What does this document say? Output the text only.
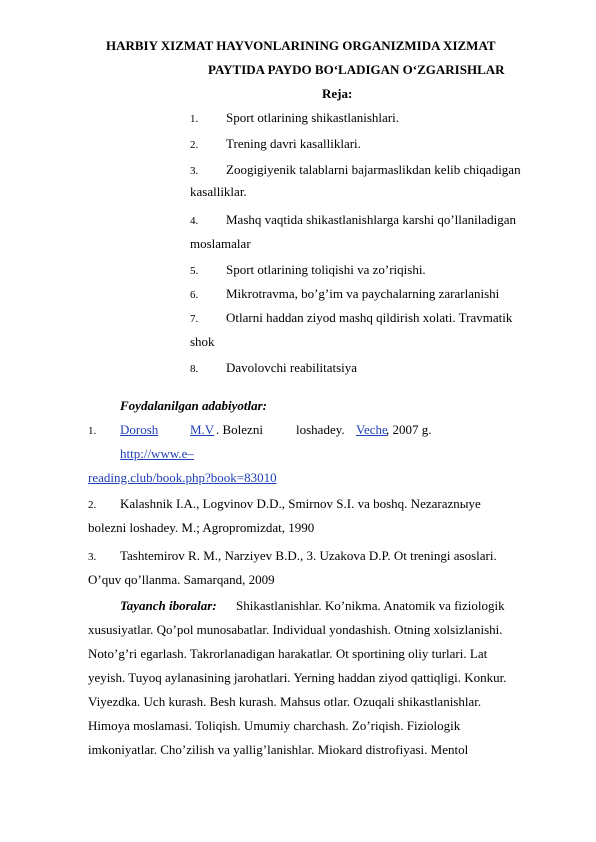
HARBIY XIZMAT HAYVONLARINING ORGANIZMIDA XIZMAT
PAYTIDA PAYDO BO‘LADIGAN O‘ZGARISHLAR
Reja:
1. Sport otlarining shikastlanishlari.
2. Trening davri kasalliklari.
3. Zoogigiyenik talablarni bajarmaslikdan kelib chiqadigan
kasalliklar.
4. Mashq vaqtida shikastlanishlarga karshi qo’llaniladigan
moslamalar
5. Sport otlarining toliqishi va zo’riqishi.
6. Mikrotravma, bo’g’im va paychalarning zararlanishi
7. Otlarni haddan ziyod mashq qildirish xolati. Travmatik
shok
8. Davolovchi reabilitatsiya
Foydalanilgan adabiyotlar:
1. Dorosh M.V . Bolezni	loshadey. Veche
, 2007 g.
http://www.e–
reading.club/book.php?book=83010
2. Kalashnik I.A., Logvinov D.D., Smirnov S.I. va boshq. Nezaraznыye
bolezni loshadey. M.; Agropromizdat, 1990
3. Tashtemirov R. M., Narziyev B.D., 3. Uzakova D.P. Ot treningi asoslari.
O’quv qo’llanma. Samarqand, 2009
Tayanch iboralar: Shikastlanishlar. Ko’nikma. Anatomik va fiziologik
xususiyatlar. Qo’pol munosabatlar. Individual yondashish. Otning xolsizlanishi.
Noto’g’ri egarlash. Takrorlanadigan harakatlar. Ot sportining oliy turlari. Lat
yeyish. Tuyoq aylanasining jarohatlari. Yerning haddan ziyod qattiqligi. Konkur.
Viyezdka. Uch kurash. Besh kurash. Mahsus otlar. Ozuqali shikastlanishlar.
Himoya moslamasi. Toliqish. Umumiy charchash. Zo’riqish. Fiziologik
imkoniyatlar. Cho’zilish va yallig’lanishlar. Miokard distrofiyasi. Mentol
